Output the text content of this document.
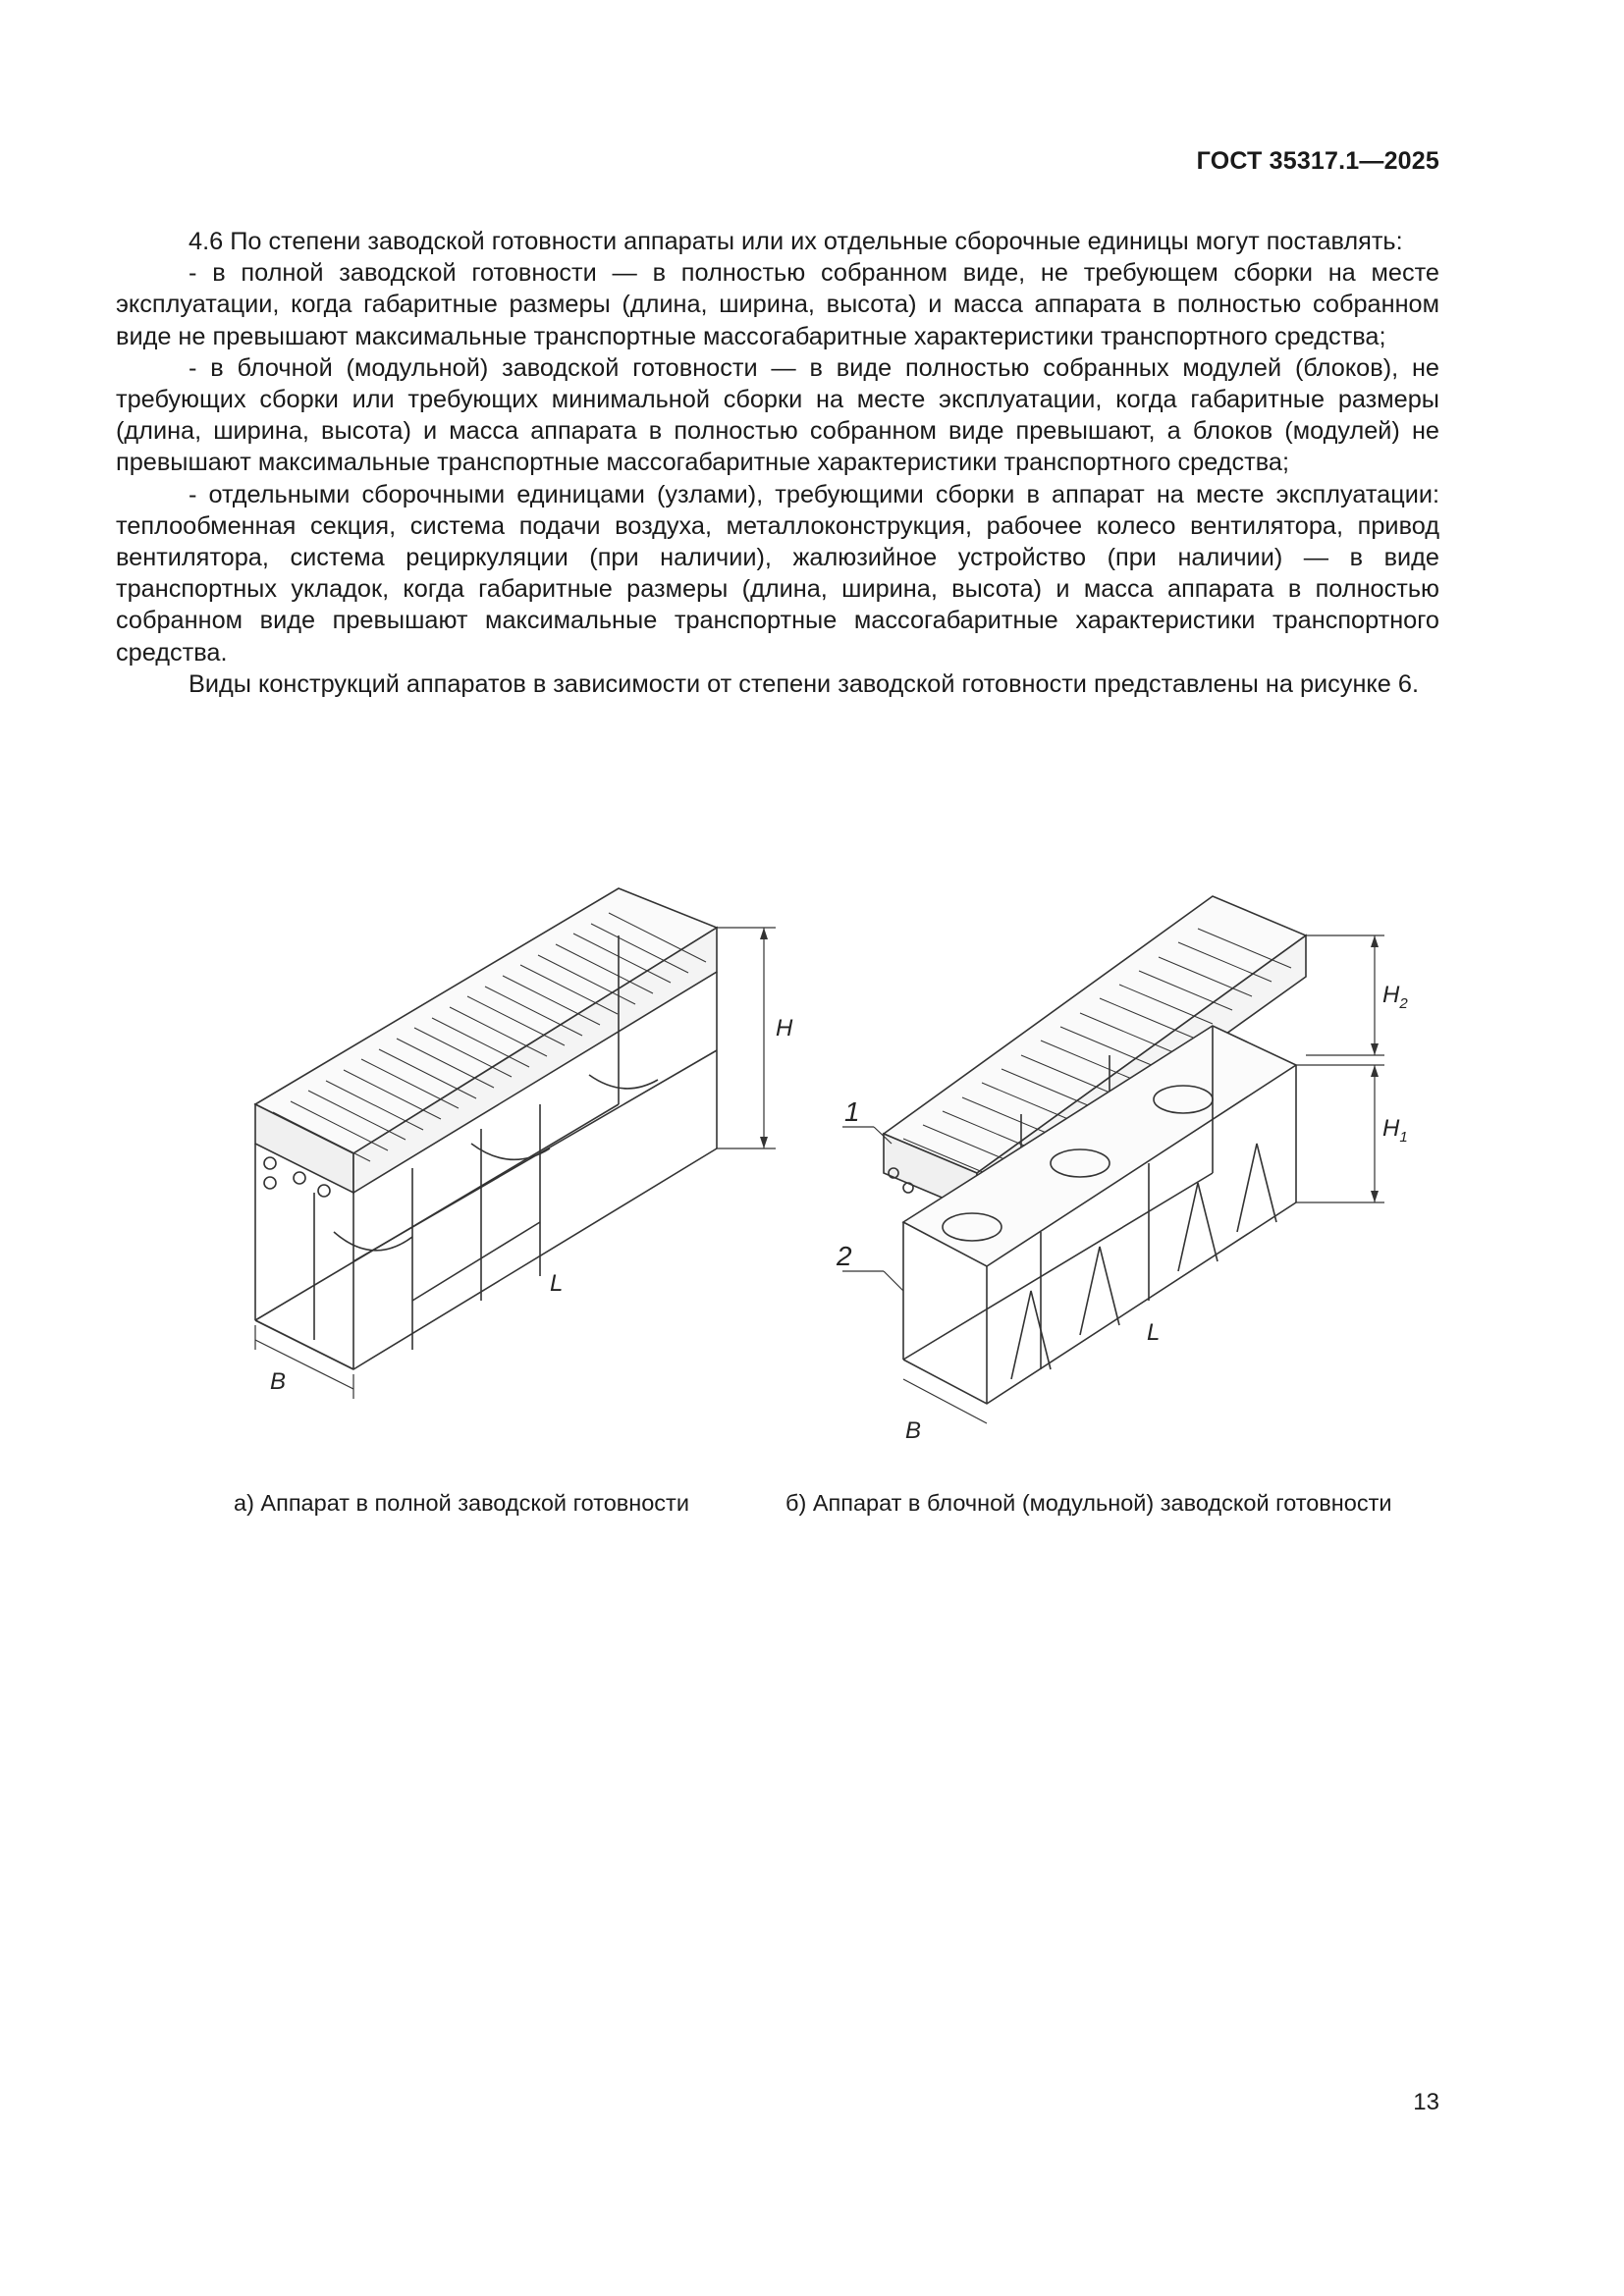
ГОСТ 35317.1—2025

4.6 По степени заводской готовности аппараты или их отдельные сборочные единицы могут поставлять:

- в полной заводской готовности — в полностью собранном виде, не требующем сборки на месте эксплуатации, когда габаритные размеры (длина, ширина, высота) и масса аппарата в полностью собранном виде не превышают максимальные транспортные массогабаритные характеристики транспортного средства;

- в блочной (модульной) заводской готовности — в виде полностью собранных модулей (блоков), не требующих сборки или требующих минимальной сборки на месте эксплуатации, когда габаритные размеры (длина, ширина, высота) и масса аппарата в полностью собранном виде превышают, а блоков (модулей) не превышают максимальные транспортные массогабаритные характеристики транспортного средства;

- отдельными сборочными единицами (узлами), требующими сборки в аппарат на месте эксплуатации: теплообменная секция, система подачи воздуха, металлоконструкция, рабочее колесо вентилятора, привод вентилятора, система рециркуляции (при наличии), жалюзийное устройство (при наличии) — в виде транспортных укладок, когда габаритные размеры (длина, ширина, высота) и масса аппарата в полностью собранном виде превышают максимальные транспортные массогабаритные характеристики транспортного средства.

Виды конструкций аппаратов в зависимости от степени заводской готовности представлены на рисунке 6.

H
L
B
$H_2$
$H_1$
L
B
1
2
а) Аппарат в полной заводской готовности	б) Аппарат в блочной (модульной) заводской готовности
13
